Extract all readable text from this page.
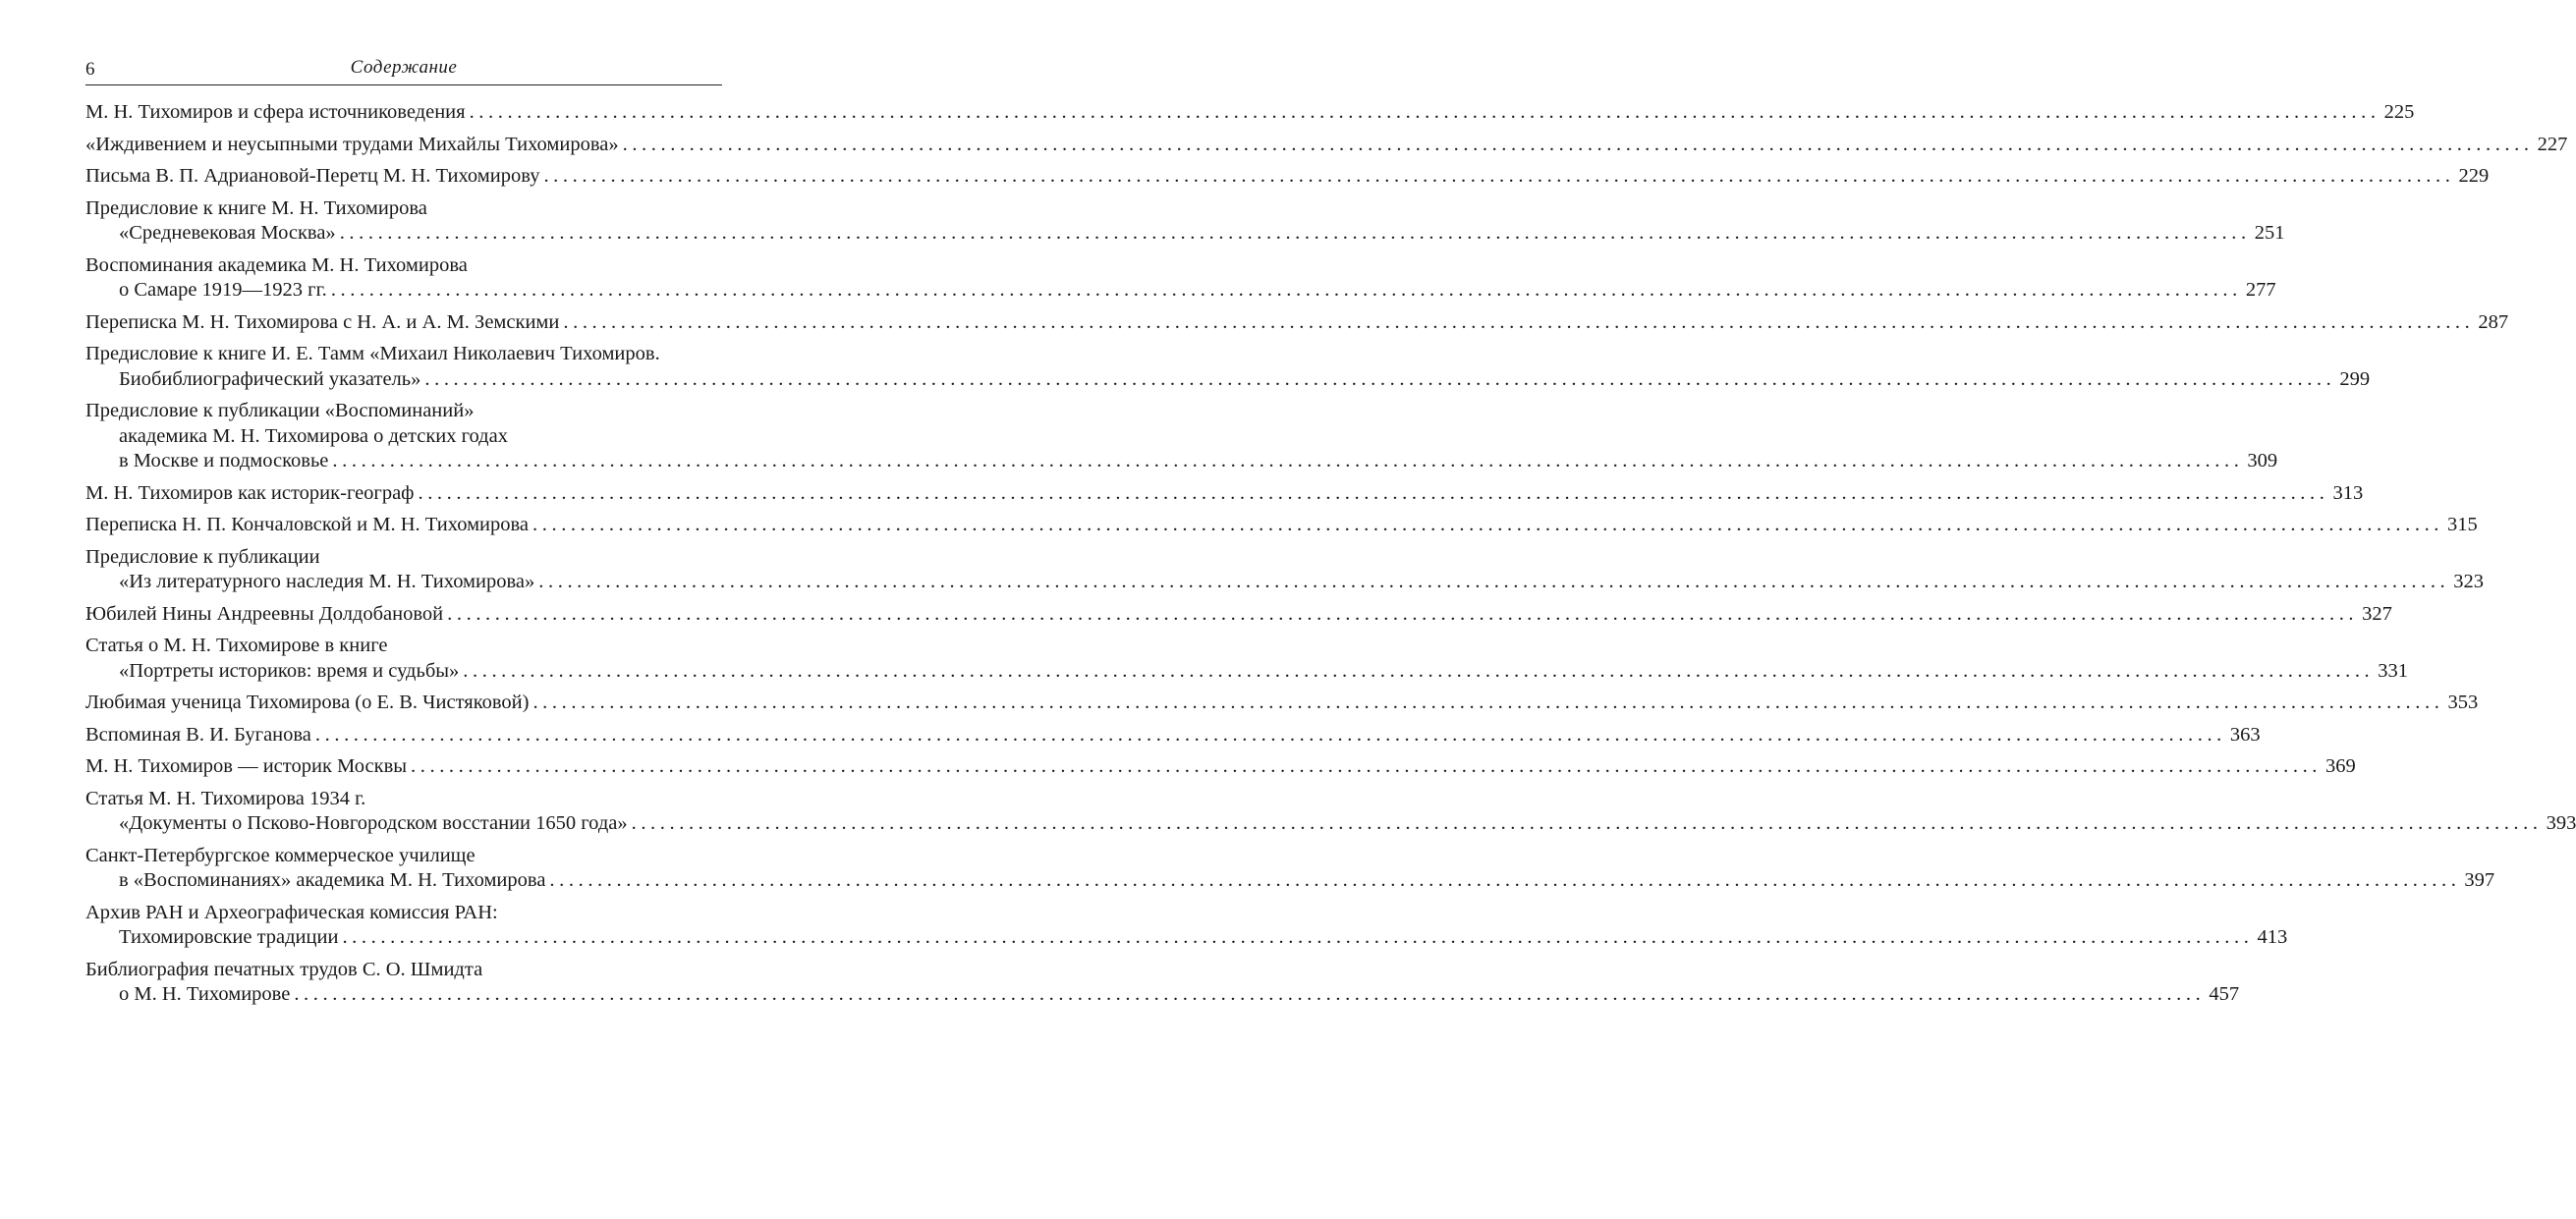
6	Содержание
М. Н. Тихомиров и сфера источниковедения ........................................................................................................................................................................................................ 225
«Иждивением и неусыпными трудами Михайлы Тихомирова» ........................................................................................................................................................................................................ 227
Письма В. П. Адриановой-Перетц М. Н. Тихомирову ........................................................................................................................................................................................................ 229
Предисловие к книге М. Н. Тихомирова
«Средневековая Москва» ........................................................................................................................................................................................................ 251
Воспоминания академика М. Н. Тихомирова
о Самаре 1919—1923 гг. ........................................................................................................................................................................................................ 277
Переписка М. Н. Тихомирова с Н. А. и А. М. Земскими ........................................................................................................................................................................................................ 287
Предисловие к книге И. Е. Тамм «Михаил Николаевич Тихомиров.
Биобиблиографический указатель» ........................................................................................................................................................................................................ 299
Предисловие к публикации «Воспоминаний»
академика М. Н. Тихомирова о детских годах
в Москве и подмосковье ........................................................................................................................................................................................................ 309
М. Н. Тихомиров как историк-географ ........................................................................................................................................................................................................ 313
Переписка Н. П. Кончаловской и М. Н. Тихомирова ........................................................................................................................................................................................................ 315
Предисловие к публикации
«Из литературного наследия М. Н. Тихомирова» ........................................................................................................................................................................................................ 323
Юбилей Нины Андреевны Долдобановой ........................................................................................................................................................................................................ 327
Статья о М. Н. Тихомирове в книге
«Портреты историков: время и судьбы» ........................................................................................................................................................................................................ 331
Любимая ученица Тихомирова (о Е. В. Чистяковой) ........................................................................................................................................................................................................ 353
Вспоминая В. И. Буганова ........................................................................................................................................................................................................ 363
М. Н. Тихомиров — историк Москвы ........................................................................................................................................................................................................ 369
Статья М. Н. Тихомирова 1934 г.
«Документы о Псково-Новгородском восстании 1650 года» ........................................................................................................................................................................................................ 393
Санкт-Петербургское коммерческое училище
в «Воспоминаниях» академика М. Н. Тихомирова ........................................................................................................................................................................................................ 397
Архив РАН и Археографическая комиссия РАН:
Тихомировские традиции ........................................................................................................................................................................................................ 413
Библиография печатных трудов С. О. Шмидта
о М. Н. Тихомирове ........................................................................................................................................................................................................ 457
